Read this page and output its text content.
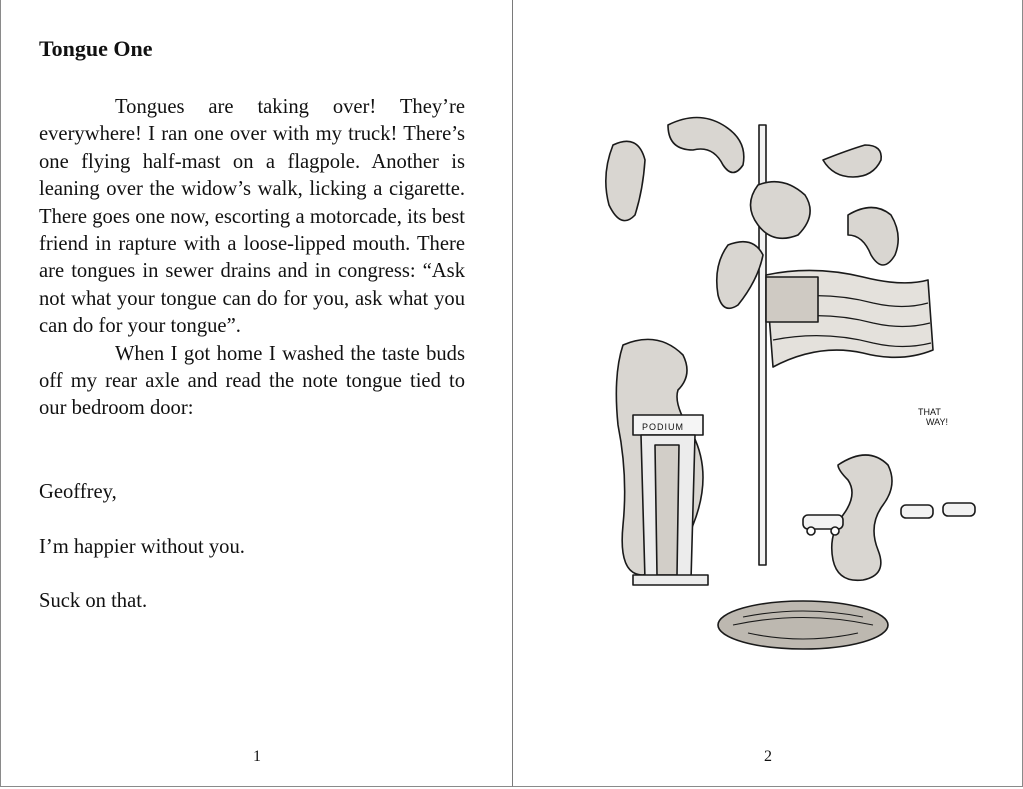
Tongue One

Tongues are taking over! They’re everywhere! I ran one over with my truck! There’s one flying half-mast on a flagpole. Another is leaning over the widow’s walk, licking a cigarette. There goes one now, escorting a motorcade, its best friend in rapture with a loose-lipped mouth. There are tongues in sewer drains and in congress: “Ask not what your tongue can do for you, ask what you can do for your tongue”.

When I got home I washed the taste buds off my rear axle and read the note tongue tied to our bedroom door:

Geoffrey,
I’m happier without you.
Suck on that.
1
PODIUM
THAT
WAY!
2
